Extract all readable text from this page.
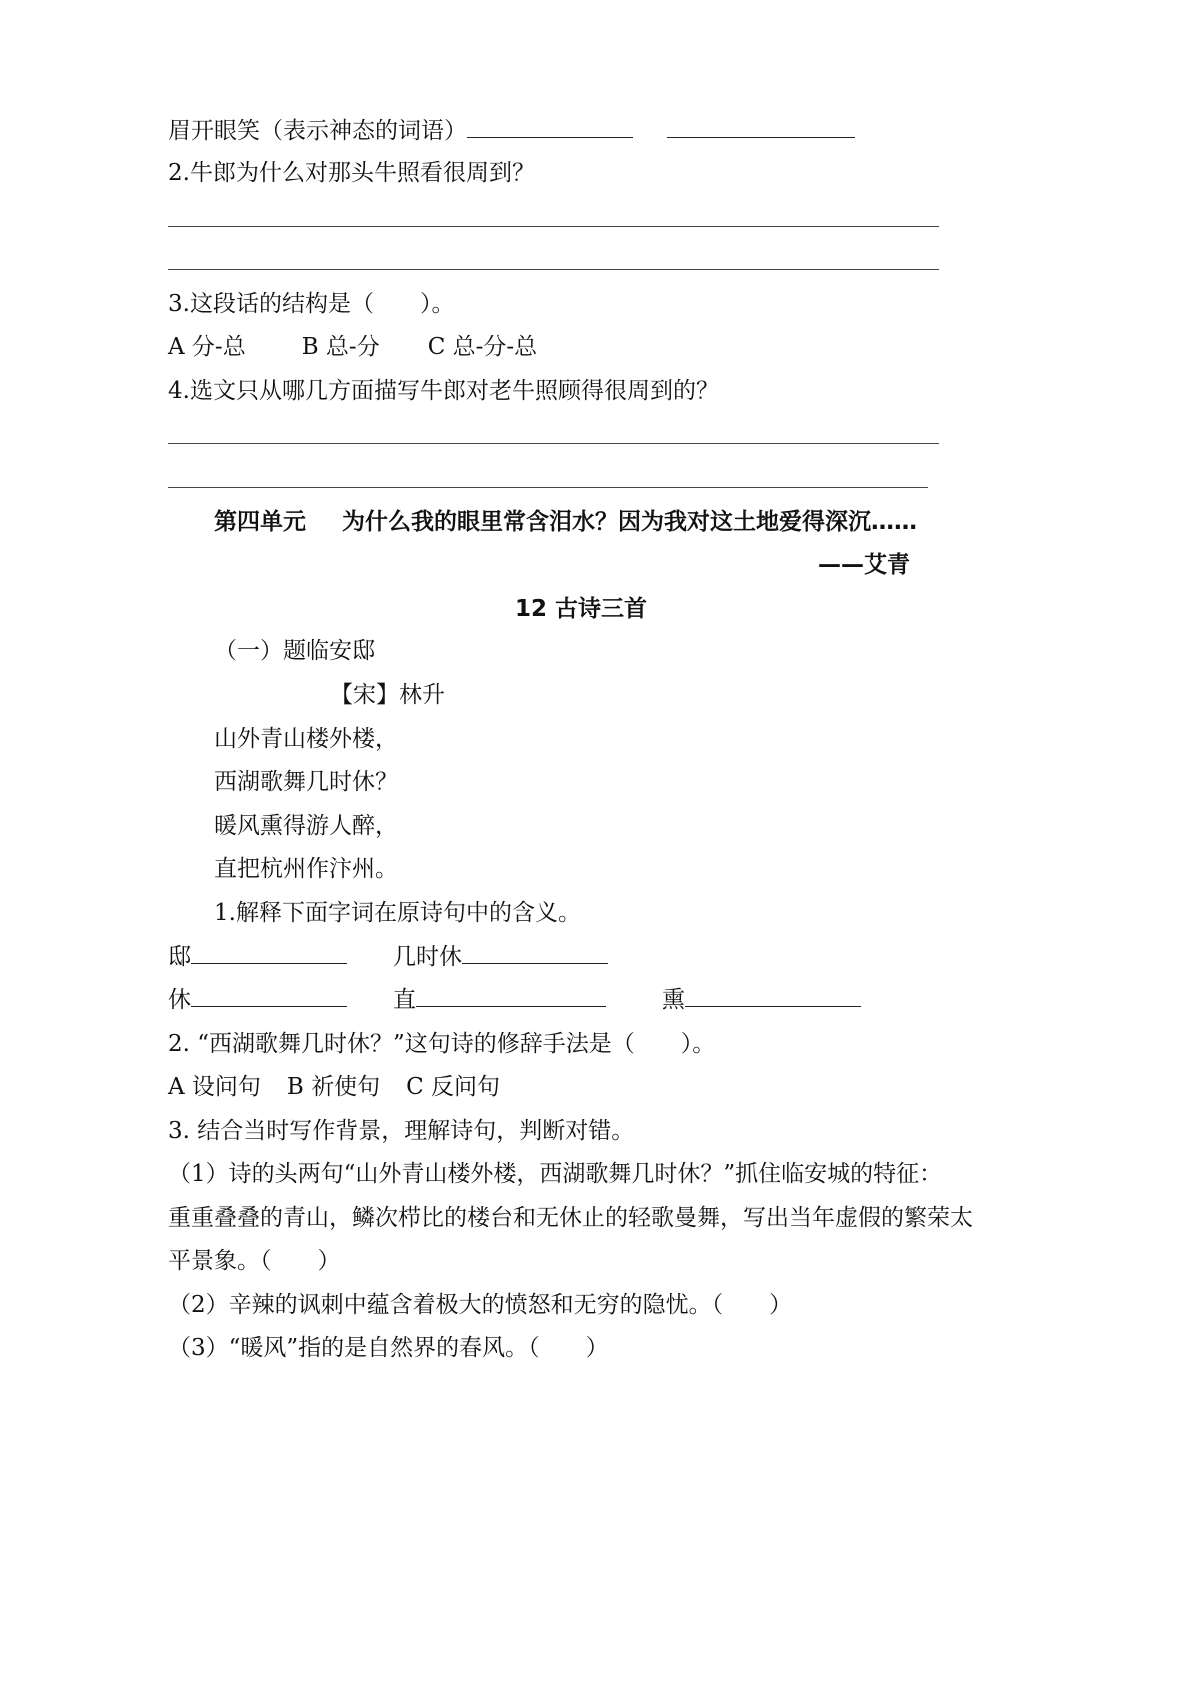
眉开眼笑（表示神态的词语）
2.牛郎为什么对那头牛照看很周到？
3.这段话的结构是（　　）。
A 分-总 B 总-分 C 总-分-总
4.选文只从哪几方面描写牛郎对老牛照顾得很周到的？
第四单元 为什么我的眼里常含泪水？因为我对这土地爱得深沉……
——艾青
12 古诗三首
（一）题临安邸
【宋】林升
山外青山楼外楼，
西湖歌舞几时休？
暖风熏得游人醉，
直把杭州作汴州。
1.解释下面字词在原诗句中的含义。
邸	几时休
休	直	熏
2. “西湖歌舞几时休？”这句诗的修辞手法是（　　）。
A 设问句 B 祈使句 C 反问句
3. 结合当时写作背景，理解诗句，判断对错。
（1）诗的头两句“山外青山楼外楼，西湖歌舞几时休？”抓住临安城的特征：
重重叠叠的青山，鳞次栉比的楼台和无休止的轻歌曼舞，写出当年虚假的繁荣太
平景象。（　　）
（2）辛辣的讽刺中蕴含着极大的愤怒和无穷的隐忧。（　　）
（3）“暖风”指的是自然界的春风。（　　）
